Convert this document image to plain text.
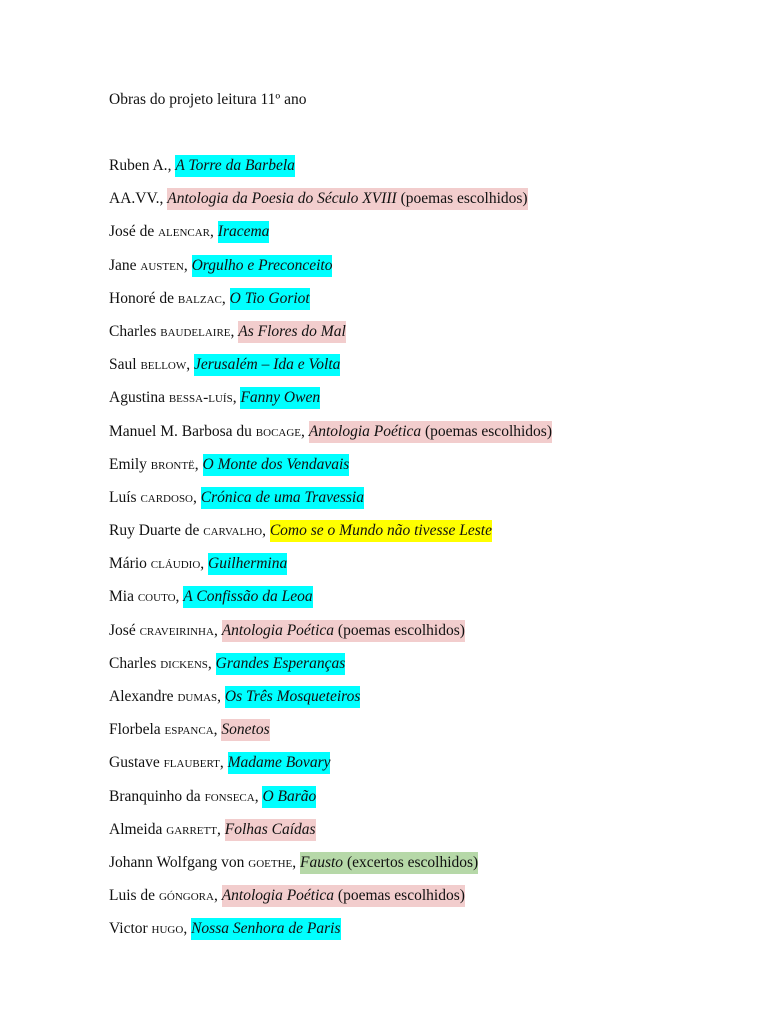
Obras do projeto leitura 11º ano
Ruben A., A Torre da Barbela
AA.VV., Antologia da Poesia do Século XVIII (poemas escolhidos)
José de alencar, Iracema
Jane austen, Orgulho e Preconceito
Honoré de balzac, O Tio Goriot
Charles baudelaire, As Flores do Mal
Saul bellow, Jerusalém – Ida e Volta
Agustina bessa-luís, Fanny Owen
Manuel M. Barbosa du bocage, Antologia Poética (poemas escolhidos)
Emily brontë, O Monte dos Vendavais
Luís cardoso, Crónica de uma Travessia
Ruy Duarte de carvalho, Como se o Mundo não tivesse Leste
Mário cláudio, Guilhermina
Mia couto, A Confissão da Leoa
José craveirinha, Antologia Poética (poemas escolhidos)
Charles dickens, Grandes Esperanças
Alexandre dumas, Os Três Mosqueteiros
Florbela espanca, Sonetos
Gustave flaubert, Madame Bovary
Branquinho da fonseca, O Barão
Almeida garrett, Folhas Caídas
Johann Wolfgang von goethe, Fausto (excertos escolhidos)
Luis de góngora, Antologia Poética (poemas escolhidos)
Victor hugo, Nossa Senhora de Paris
